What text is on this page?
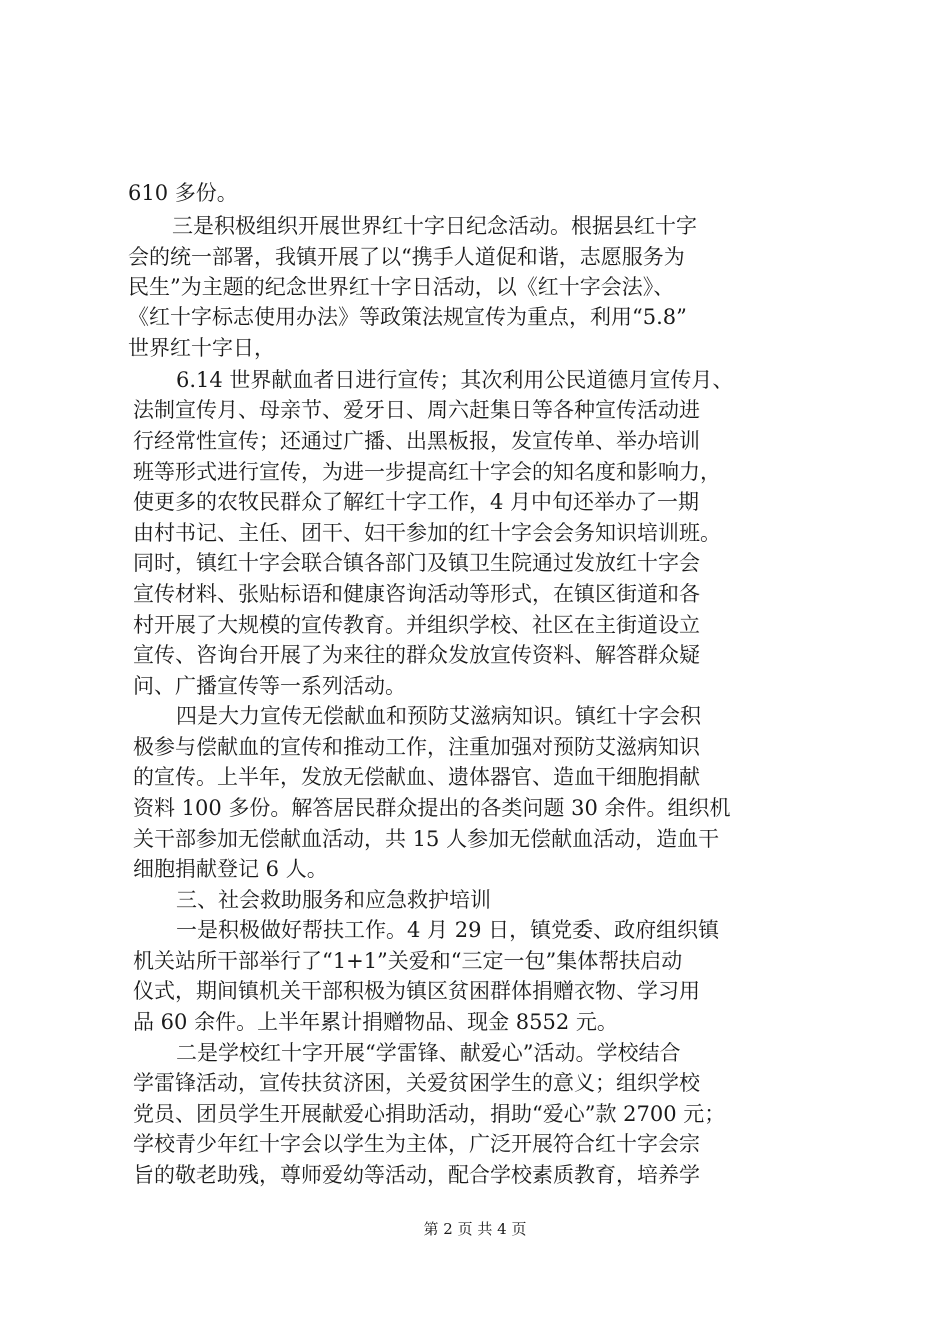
610 多份。
三是积极组织开展世界红十字日纪念活动。根据县红十字
会的统一部署，我镇开展了以“携手人道促和谐，志愿服务为
民生”为主题的纪念世界红十字日活动，以《红十字会法》、
《红十字标志使用办法》等政策法规宣传为重点，利用“5.8”
世界红十字日，
6.14 世界献血者日进行宣传；其次利用公民道德月宣传月、
法制宣传月、母亲节、爱牙日、周六赶集日等各种宣传活动进
行经常性宣传；还通过广播、出黑板报，发宣传单、举办培训
班等形式进行宣传，为进一步提高红十字会的知名度和影响力，
使更多的农牧民群众了解红十字工作，4 月中旬还举办了一期
由村书记、主任、团干、妇干参加的红十字会会务知识培训班。
同时，镇红十字会联合镇各部门及镇卫生院通过发放红十字会
宣传材料、张贴标语和健康咨询活动等形式，在镇区街道和各
村开展了大规模的宣传教育。并组织学校、社区在主街道设立
宣传、咨询台开展了为来往的群众发放宣传资料、解答群众疑
问、广播宣传等一系列活动。
四是大力宣传无偿献血和预防艾滋病知识。镇红十字会积
极参与偿献血的宣传和推动工作，注重加强对预防艾滋病知识
的宣传。上半年，发放无偿献血、遗体器官、造血干细胞捐献
资料 100 多份。解答居民群众提出的各类问题 30 余件。组织机
关干部参加无偿献血活动，共 15 人参加无偿献血活动，造血干
细胞捐献登记 6 人。
三、社会救助服务和应急救护培训
一是积极做好帮扶工作。4 月 29 日，镇党委、政府组织镇
机关站所干部举行了“1+1”关爱和“三定一包”集体帮扶启动
仪式，期间镇机关干部积极为镇区贫困群体捐赠衣物、学习用
品 60 余件。上半年累计捐赠物品、现金 8552 元。
二是学校红十字开展“学雷锋、献爱心”活动。学校结合
学雷锋活动，宣传扶贫济困，关爱贫困学生的意义；组织学校
党员、团员学生开展献爱心捐助活动，捐助“爱心”款 2700 元；
学校青少年红十字会以学生为主体，广泛开展符合红十字会宗
旨的敬老助残，尊师爱幼等活动，配合学校素质教育，培养学
第 2 页 共 4 页
